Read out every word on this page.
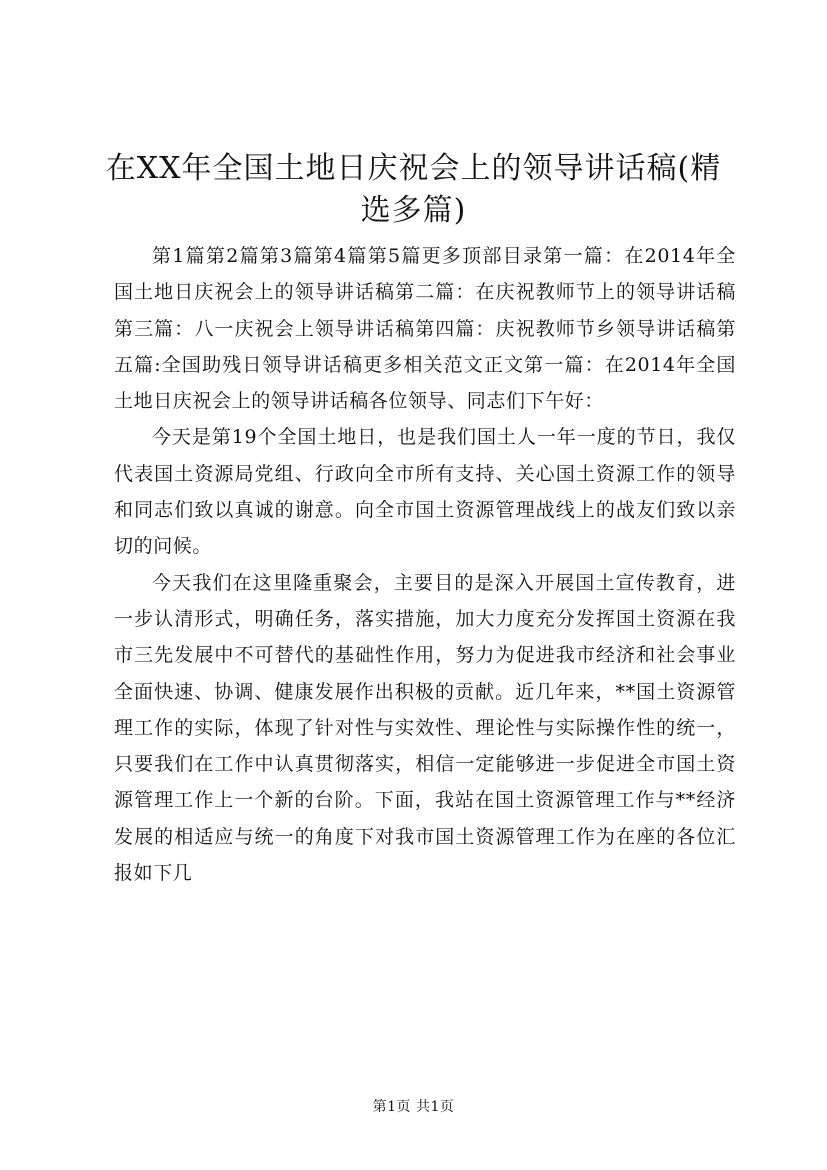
在XX年全国土地日庆祝会上的领导讲话稿(精选多篇)

第1篇第2篇第3篇第4篇第5篇更多顶部目录第一篇：在2014年全国土地日庆祝会上的领导讲话稿第二篇：在庆祝教师节上的领导讲话稿第三篇：八一庆祝会上领导讲话稿第四篇：庆祝教师节乡领导讲话稿第五篇:全国助残日领导讲话稿更多相关范文正文第一篇：在2014年全国土地日庆祝会上的领导讲话稿各位领导、同志们下午好：

今天是第19个全国土地日，也是我们国土人一年一度的节日，我仅代表国土资源局党组、行政向全市所有支持、关心国土资源工作的领导和同志们致以真诚的谢意。向全市国土资源管理战线上的战友们致以亲切的问候。

今天我们在这里隆重聚会，主要目的是深入开展国土宣传教育，进一步认清形式，明确任务，落实措施，加大力度充分发挥国土资源在我市三先发展中不可替代的基础性作用，努力为促进我市经济和社会事业全面快速、协调、健康发展作出积极的贡献。近几年来，**国土资源管理工作的实际，体现了针对性与实效性、理论性与实际操作性的统一，只要我们在工作中认真贯彻落实，相信一定能够进一步促进全市国土资源管理工作上一个新的台阶。下面，我站在国土资源管理工作与**经济发展的相适应与统一的角度下对我市国土资源管理工作为在座的各位汇报如下几

第1页 共1页
